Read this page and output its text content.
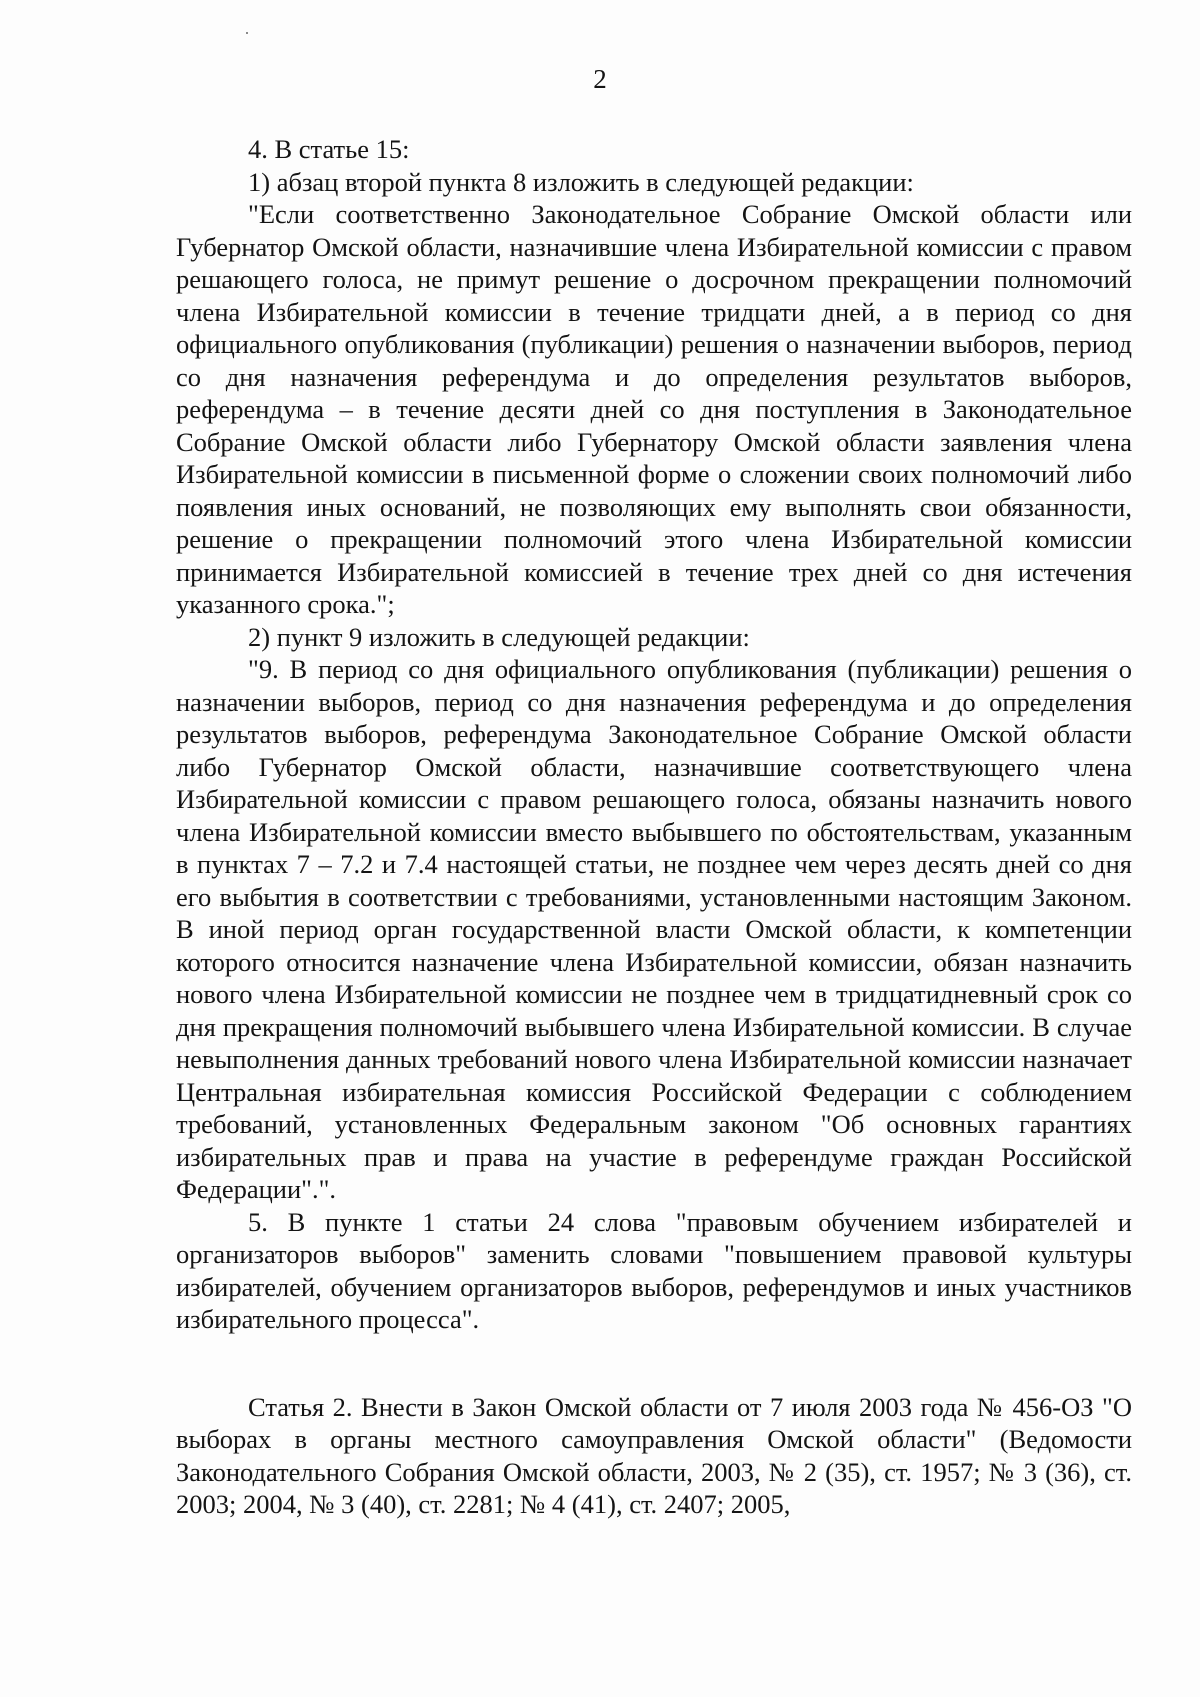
2

4. В статье 15:

1) абзац второй пункта 8 изложить в следующей редакции:

"Если соответственно Законодательное Собрание Омской области или Губернатор Омской области, назначившие члена Избирательной комиссии с правом решающего голоса, не примут решение о досрочном прекращении полномочий члена Избирательной комиссии в течение тридцати дней, а в период со дня официального опубликования (публикации) решения о назначении выборов, период со дня назначения референдума и до определения результатов выборов, референдума – в течение десяти дней со дня поступления в Законодательное Собрание Омской области либо Губернатору Омской области заявления члена Избирательной комиссии в письменной форме о сложении своих полномочий либо появления иных оснований, не позволяющих ему выполнять свои обязанности, решение о прекращении полномочий этого члена Избирательной комиссии принимается Избирательной комиссией в течение трех дней со дня истечения указанного срока.";

2) пункт 9 изложить в следующей редакции:

"9. В период со дня официального опубликования (публикации) решения о назначении выборов, период со дня назначения референдума и до определения результатов выборов, референдума Законодательное Собрание Омской области либо Губернатор Омской области, назначившие соответствующего члена Избирательной комиссии с правом решающего голоса, обязаны назначить нового члена Избирательной комиссии вместо выбывшего по обстоятельствам, указанным в пунктах 7 – 7.2 и 7.4 настоящей статьи, не позднее чем через десять дней со дня его выбытия в соответствии с требованиями, установленными настоящим Законом. В иной период орган государственной власти Омской области, к компетенции которого относится назначение члена Избирательной комиссии, обязан назначить нового члена Избирательной комиссии не позднее чем в тридцатидневный срок со дня прекращения полномочий выбывшего члена Избирательной комиссии. В случае невыполнения данных требований нового члена Избирательной комиссии назначает Центральная избирательная комиссия Российской Федерации с соблюдением требований, установленных Федеральным законом "Об основных гарантиях избирательных прав и права на участие в референдуме граждан Российской Федерации".".

5. В пункте 1 статьи 24 слова "правовым обучением избирателей и организаторов выборов" заменить словами "повышением правовой культуры избирателей, обучением организаторов выборов, референдумов и иных участников избирательного процесса".

Статья 2. Внести в Закон Омской области от 7 июля 2003 года № 456-ОЗ "О выборах в органы местного самоуправления Омской области" (Ведомости Законодательного Собрания Омской области, 2003, № 2 (35), ст. 1957; № 3 (36), ст. 2003; 2004, № 3 (40), ст. 2281; № 4 (41), ст. 2407; 2005,
